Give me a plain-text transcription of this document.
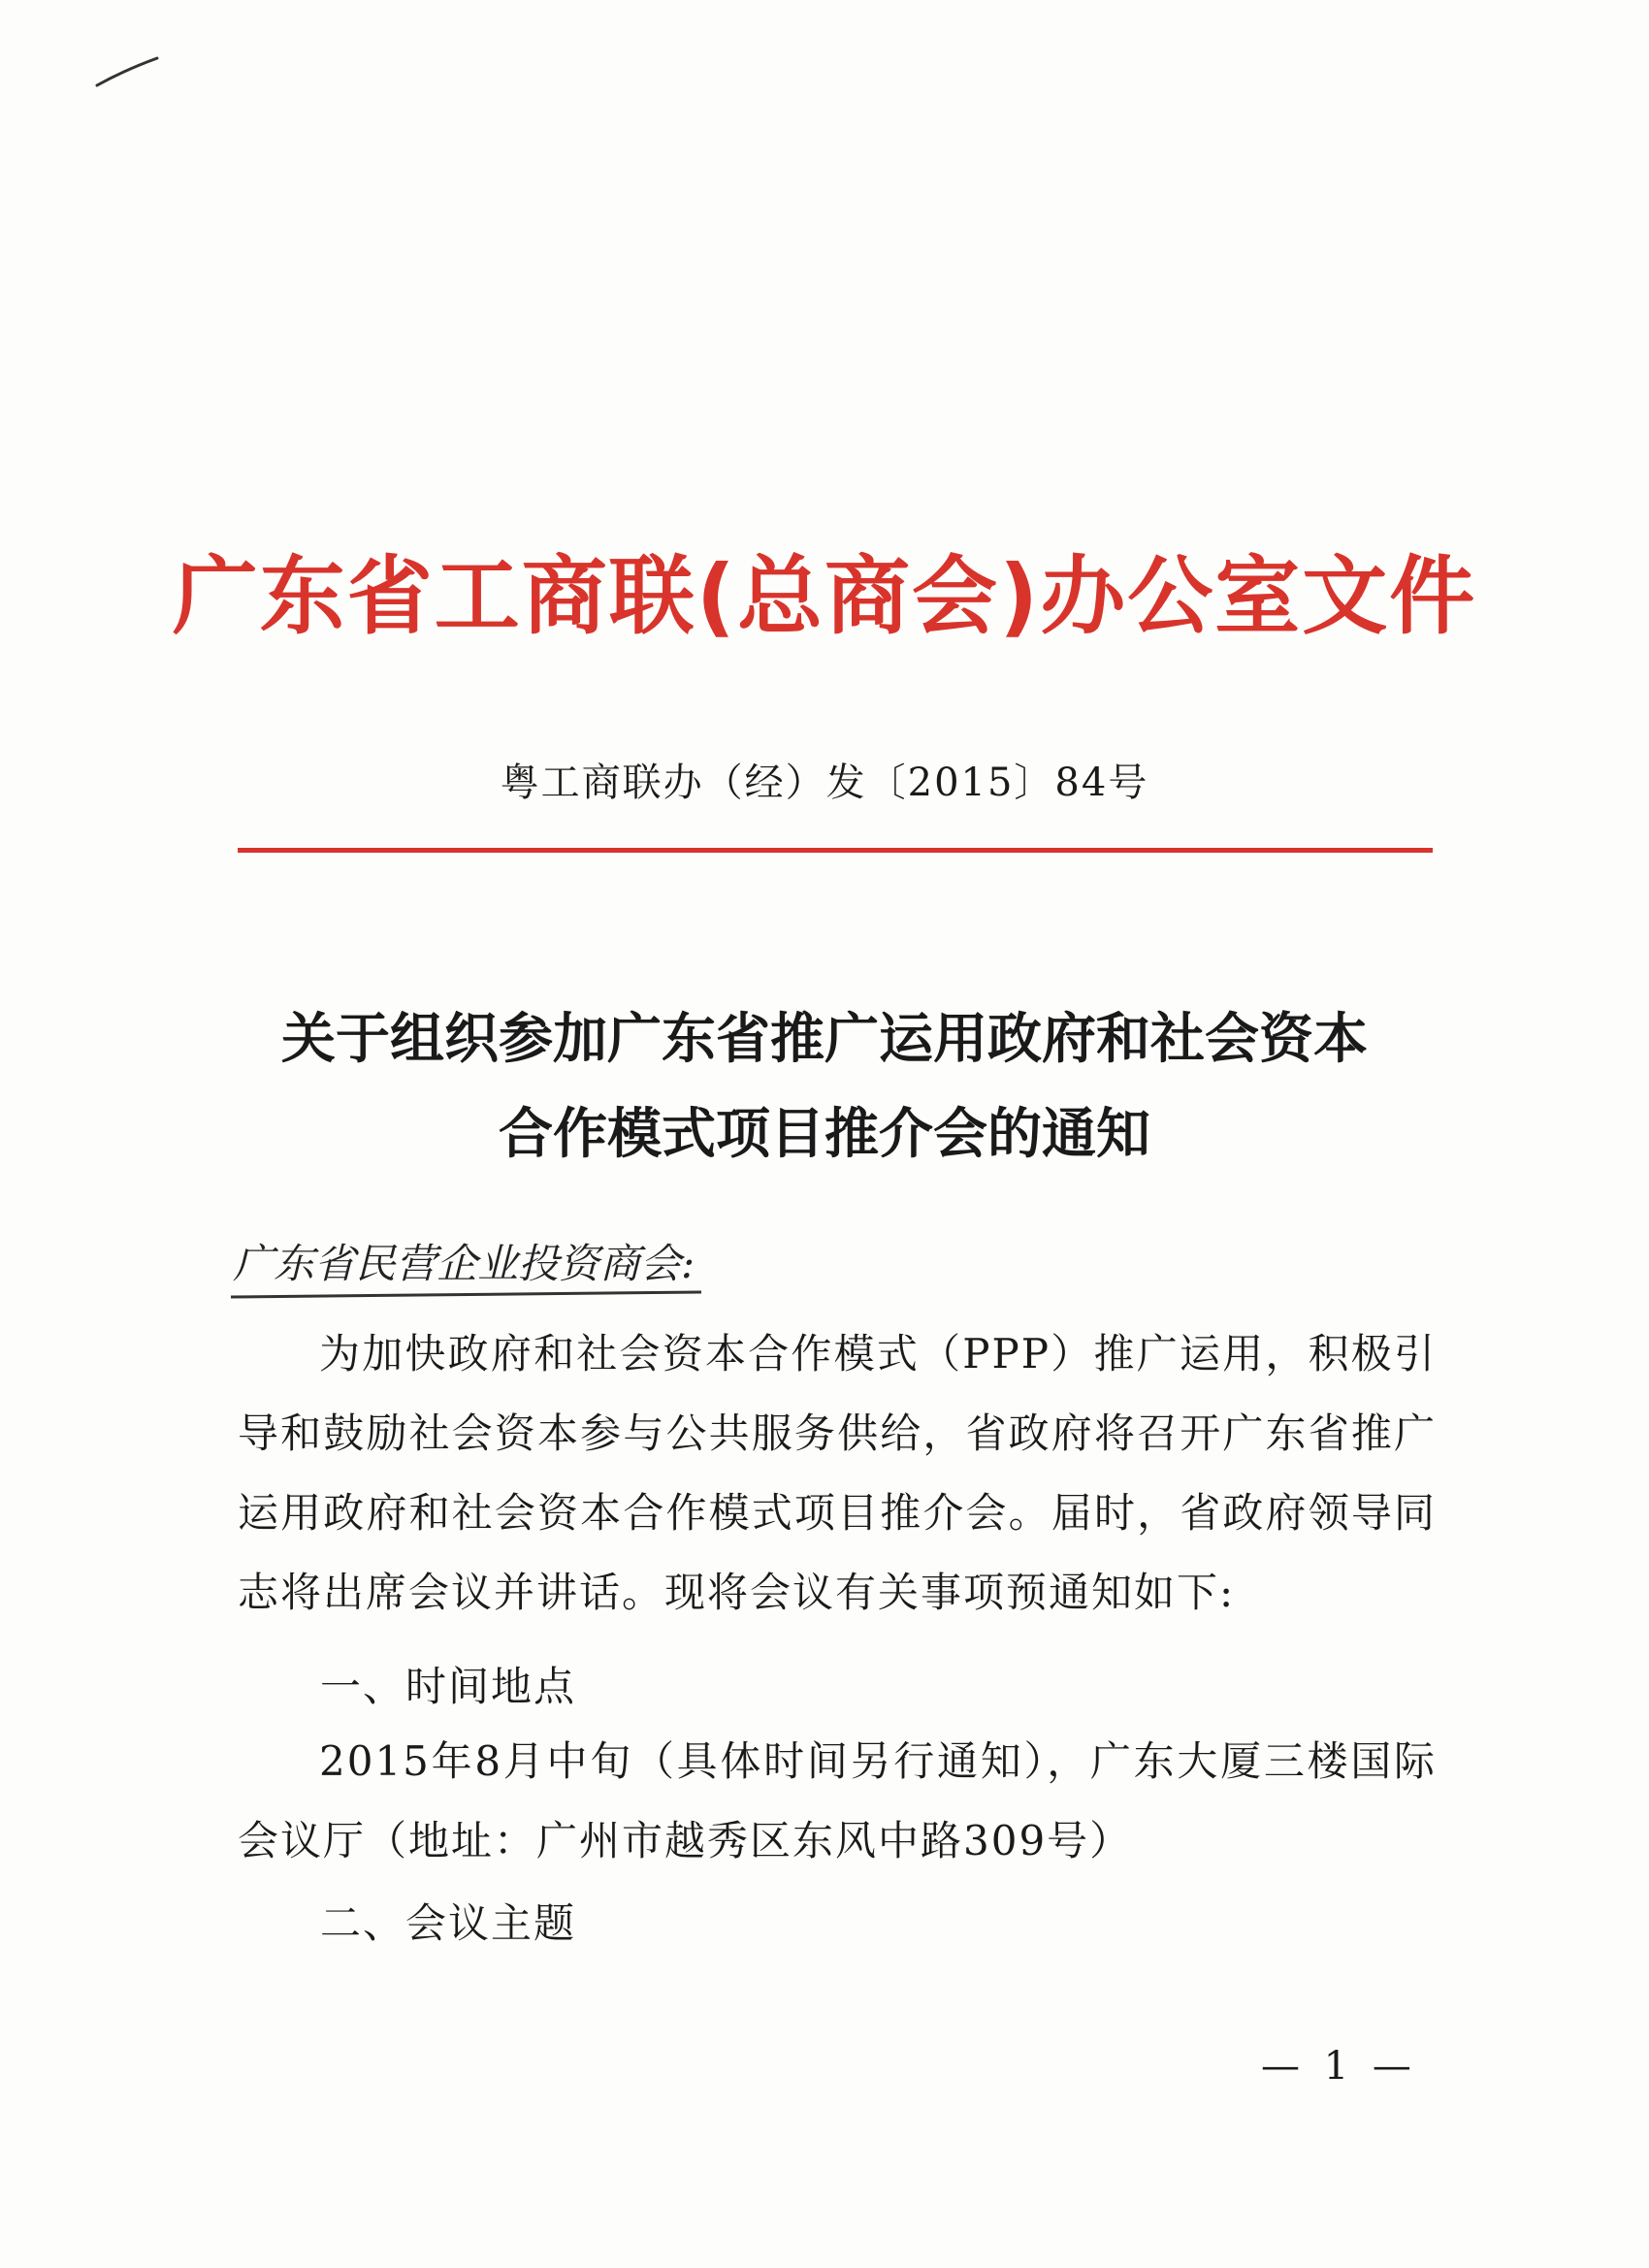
广东省工商联(总商会)办公室文件
粤工商联办（经）发〔2015〕84号
关于组织参加广东省推广运用政府和社会资本
合作模式项目推介会的通知
广东省民营企业投资商会:
为加快政府和社会资本合作模式（PPP）推广运用，积极引导和鼓励社会资本参与公共服务供给，省政府将召开广东省推广运用政府和社会资本合作模式项目推介会。届时，省政府领导同志将出席会议并讲话。现将会议有关事项预通知如下:
一、时间地点
2015年8月中旬（具体时间另行通知），广东大厦三楼国际会议厅（地址：广州市越秀区东风中路309号）
二、会议主题
— 1 —
